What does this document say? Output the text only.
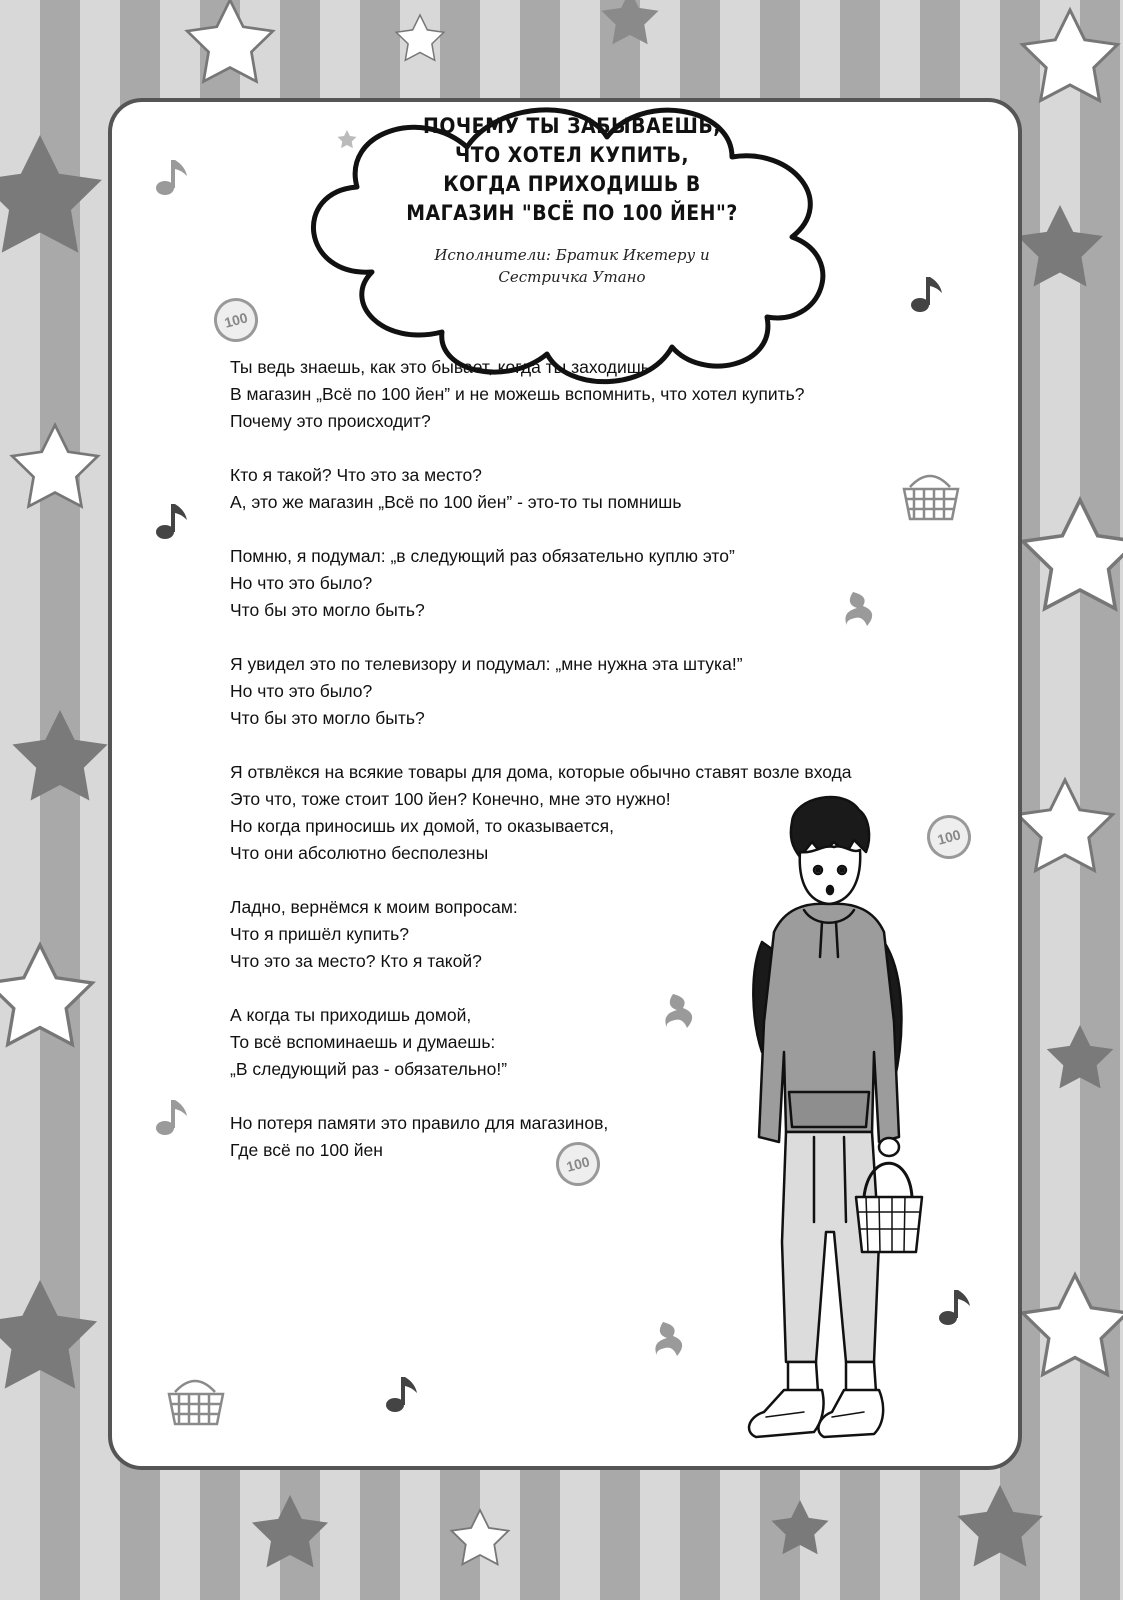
100
100
100
ПОЧЕМУ ТЫ ЗАБЫВАЕШЬ,
ЧТО ХОТЕЛ КУПИТЬ,
КОГДА ПРИХОДИШЬ В
МАГАЗИН "ВСЁ ПО 100 ЙЕН"?
Исполнители: Братик Икетеру и
Сестричка Утано
Ты ведь знаешь, как это бывает, когда ты заходишь
В магазин „Всё по 100 йен” и не можешь вспомнить, что хотел купить?
Почему это происходит?
Кто я такой? Что это за место?
А, это же магазин „Всё по 100 йен” - это-то ты помнишь
Помню, я подумал: „в следующий раз обязательно куплю это”
Но что это было?
Что бы это могло быть?
Я увидел это по телевизору и подумал: „мне нужна эта штука!”
Но что это было?
Что бы это могло быть?
Я отвлёкся на всякие товары для дома, которые обычно ставят возле входа
Это что, тоже стоит 100 йен? Конечно, мне это нужно!
Но когда приносишь их домой, то оказывается,
Что они абсолютно бесполезны
Ладно, вернёмся к моим вопросам:
Что я пришёл купить?
Что это за место? Кто я такой?
А когда ты приходишь домой,
То всё вспоминаешь и думаешь:
„В следующий раз - обязательно!”
Но потеря памяти это правило для магазинов,
Где всё по 100 йен
